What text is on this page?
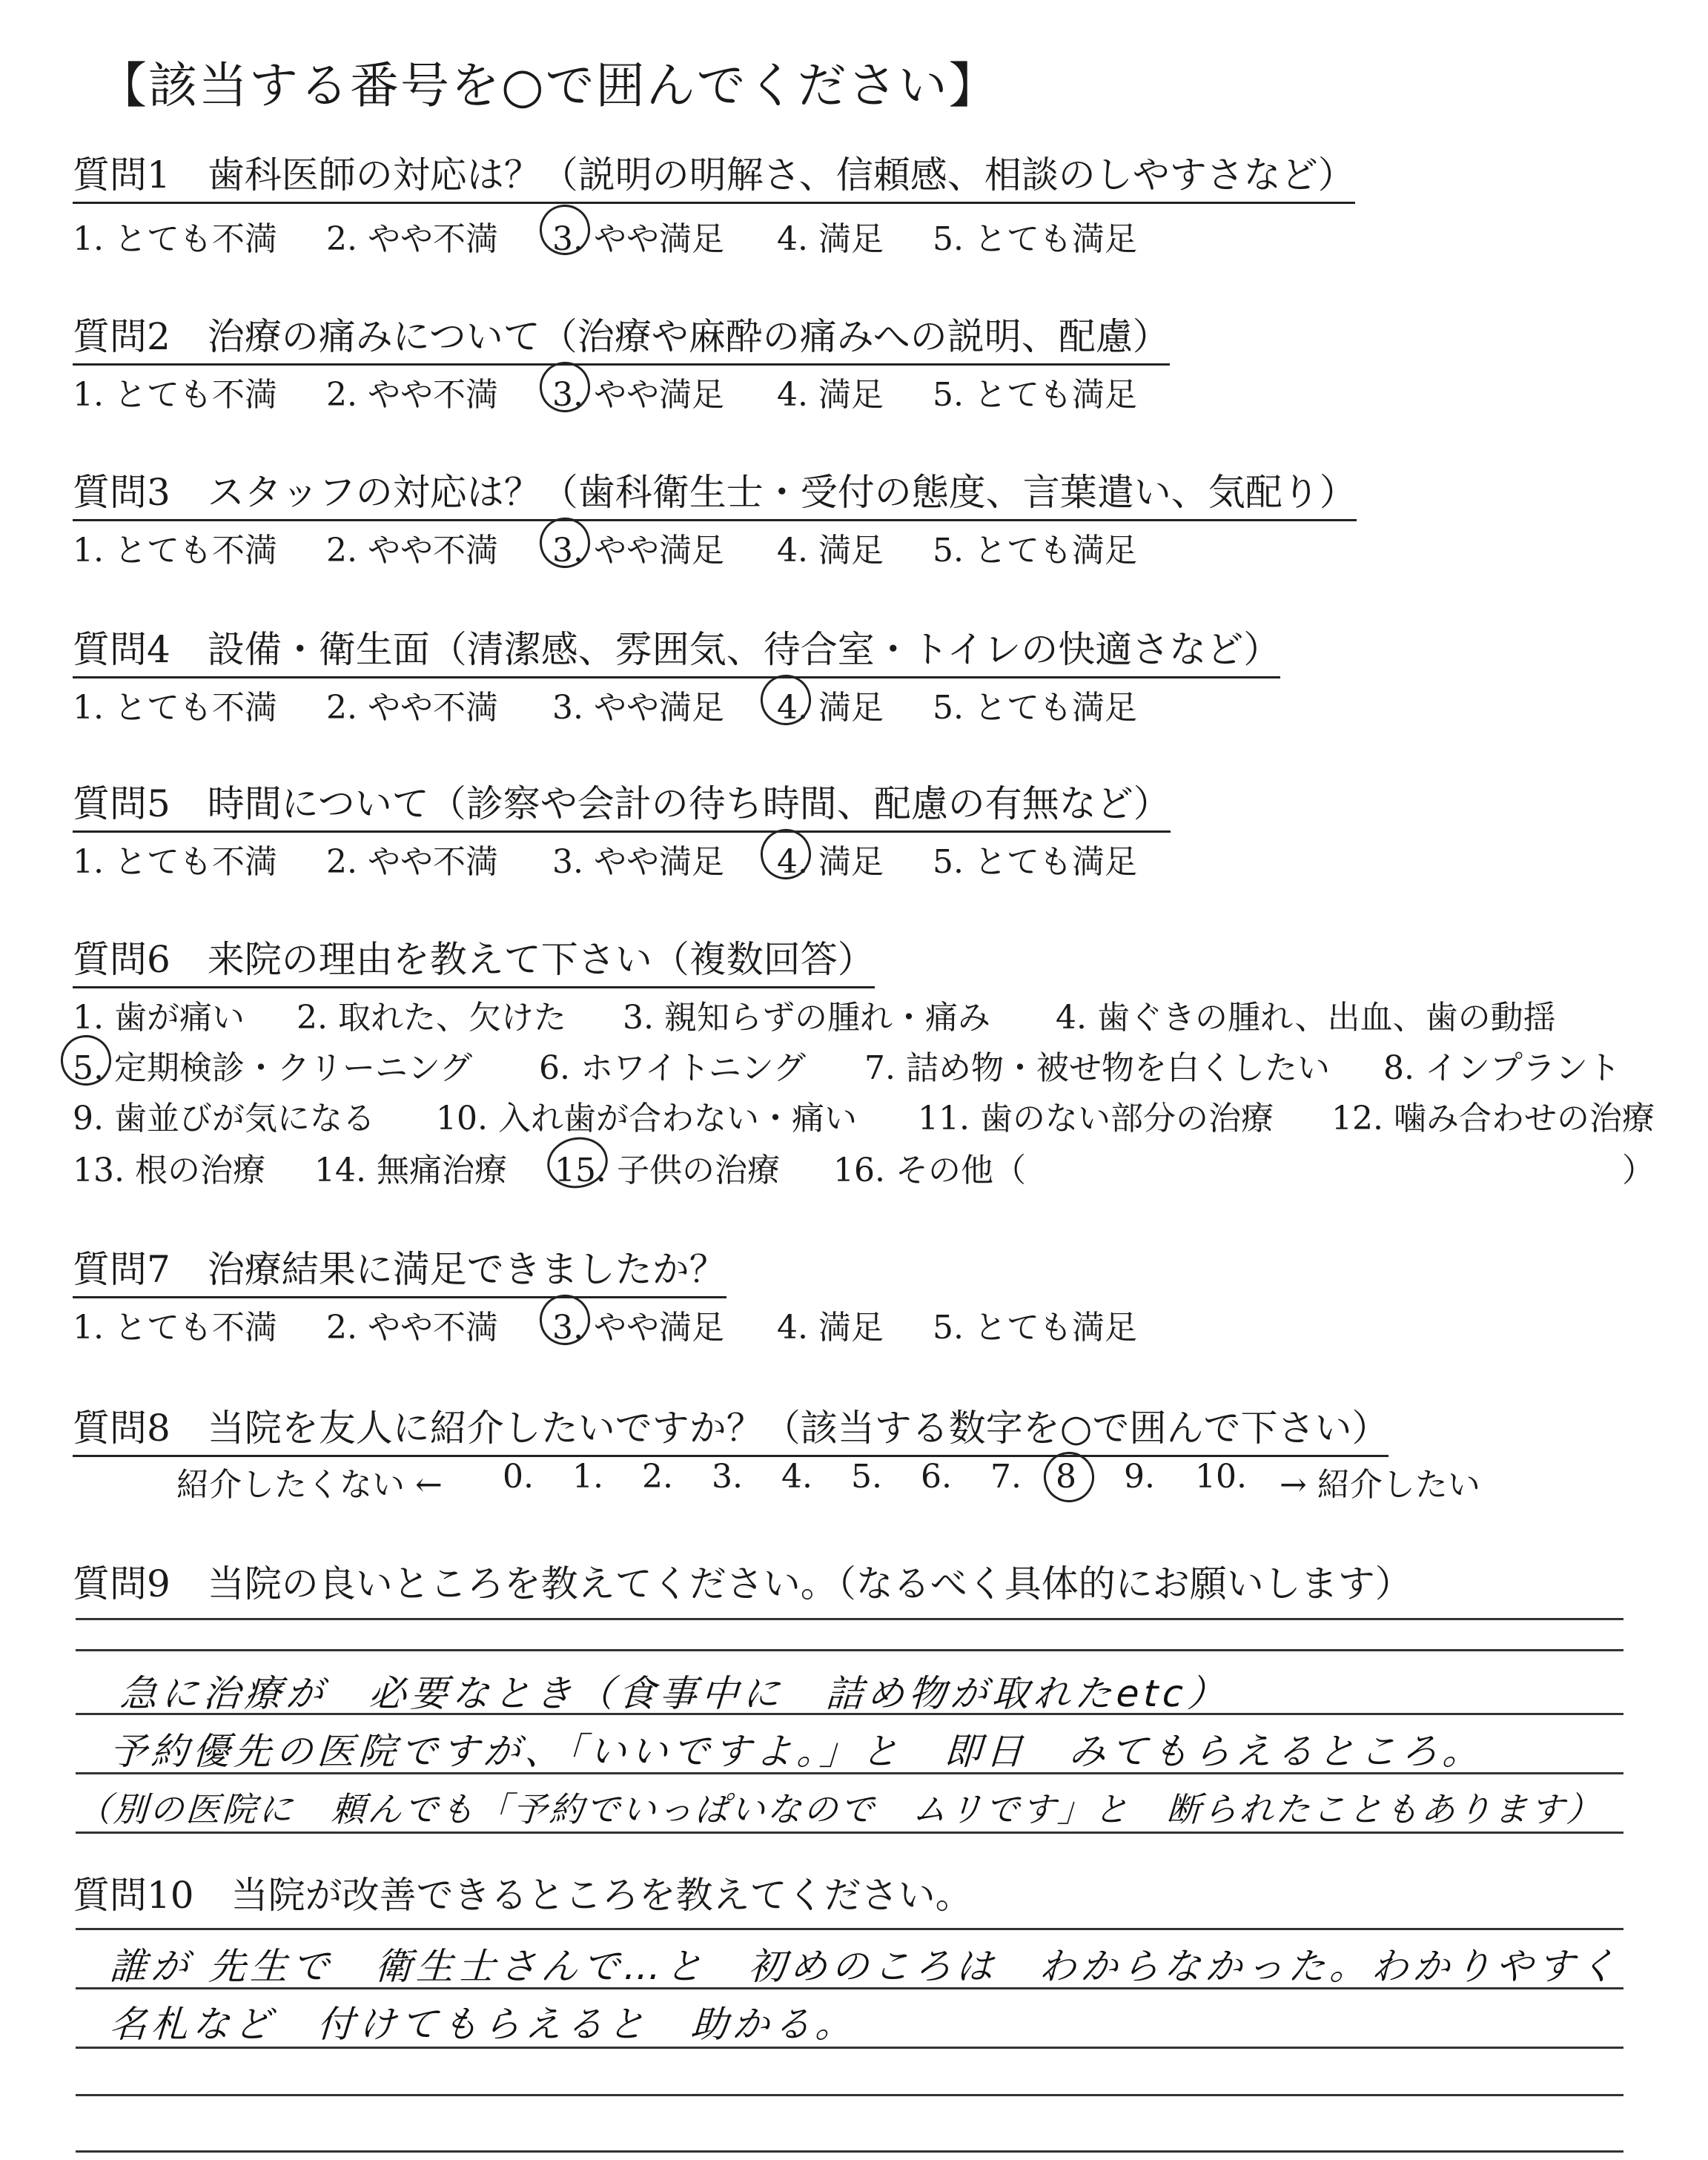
【該当する番号を○で囲んでください】
質問1　歯科医師の対応は？（説明の明解さ、信頼感、相談のしやすさなど）
1. とても不満 2. やや不満 3. やや満足 4. 満足 5. とても満足
質問2　治療の痛みについて（治療や麻酔の痛みへの説明、配慮）
1. とても不満 2. やや不満 3. やや満足 4. 満足 5. とても満足
質問3　スタッフの対応は？（歯科衛生士・受付の態度、言葉遣い、気配り）
1. とても不満 2. やや不満 3. やや満足 4. 満足 5. とても満足
質問4　設備・衛生面（清潔感、雰囲気、待合室・トイレの快適さなど）
1. とても不満 2. やや不満 3. やや満足 4. 満足 5. とても満足
質問5　時間について（診察や会計の待ち時間、配慮の有無など）
1. とても不満 2. やや不満 3. やや満足 4. 満足 5. とても満足
質問6　来院の理由を教えて下さい（複数回答）
1. 歯が痛い 2. 取れた、欠けた 3. 親知らずの腫れ・痛み 4. 歯ぐきの腫れ、出血、歯の動揺
5. 定期検診・クリーニング 6. ホワイトニング 7. 詰め物・被せ物を白くしたい 8. インプラント
9. 歯並びが気になる 10. 入れ歯が合わない・痛い 11. 歯のない部分の治療 12. 噛み合わせの治療
13. 根の治療 14. 無痛治療 15. 子供の治療 16. その他（	）
質問7　治療結果に満足できましたか？
1. とても不満 2. やや不満 3. やや満足 4. 満足 5. とても満足
質問8　当院を友人に紹介したいですか？（該当する数字を○で囲んで下さい）
紹介したくない ← 0. 1. 2. 3. 4. 5. 6. 7. 8 9. 10. → 紹介したい
質問9　当院の良いところを教えてください。（なるべく具体的にお願いします）
急に治療が　必要なとき（食事中に　詰め物が取れたetc）
予約優先の医院ですが、「いいですよ。」と　即日　みてもらえるところ。
（別の医院に　頼んでも「予約でいっぱいなので　ムリです」と　断られたこともあります）
質問10　当院が改善できるところを教えてください。
誰が 先生で　衛生士さんで…と　初めのころは　わからなかった。わかりやすく
名札など　付けてもらえると　助かる。
